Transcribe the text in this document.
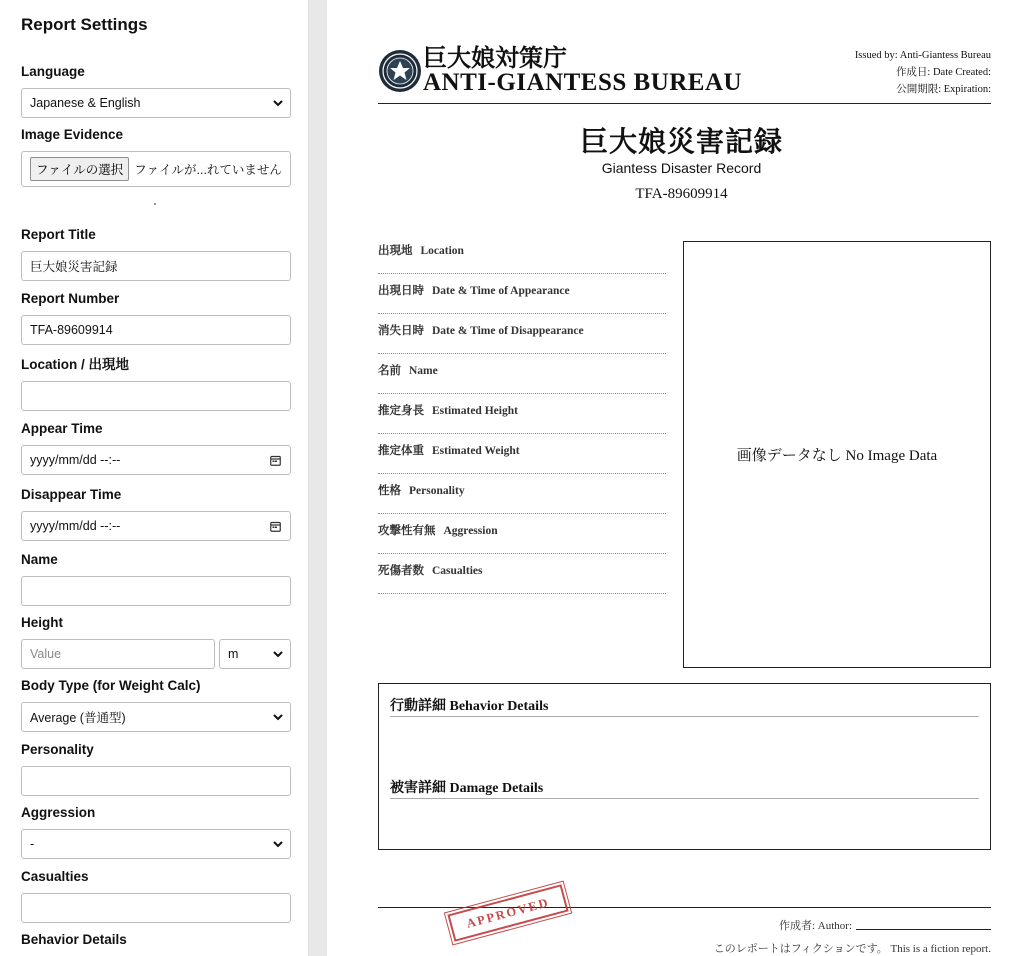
Report Settings
Language
Japanese & English
Image Evidence
ファイルの選択 ファイルが...れていません
Report Title
巨大娘災害記録
Report Number
TFA-89609914
Location / 出現地
Appear Time
yyyy/mm/dd --:--
Disappear Time
yyyy/mm/dd --:--
Name
Height
Value	m
Body Type (for Weight Calc)
Average (普通型)
Personality
Aggression
-
Casualties
Behavior Details
巨大娘対策庁
ANTI-GIANTESS BUREAU
Issued by: Anti-Giantess Bureau
作成日: Date Created:
公開期限: Expiration:
巨大娘災害記録
Giantess Disaster Record
TFA-89609914
出現地 Location
出現日時 Date & Time of Appearance
消失日時 Date & Time of Disappearance
名前 Name
推定身長 Estimated Height
推定体重 Estimated Weight
性格 Personality
攻撃性有無 Aggression
死傷者数 Casualties
画像データなし No Image Data
行動詳細 Behavior Details
被害詳細 Damage Details
APPROVED	作成者: Author:
このレポートはフィクションです。 This is a fiction report.
